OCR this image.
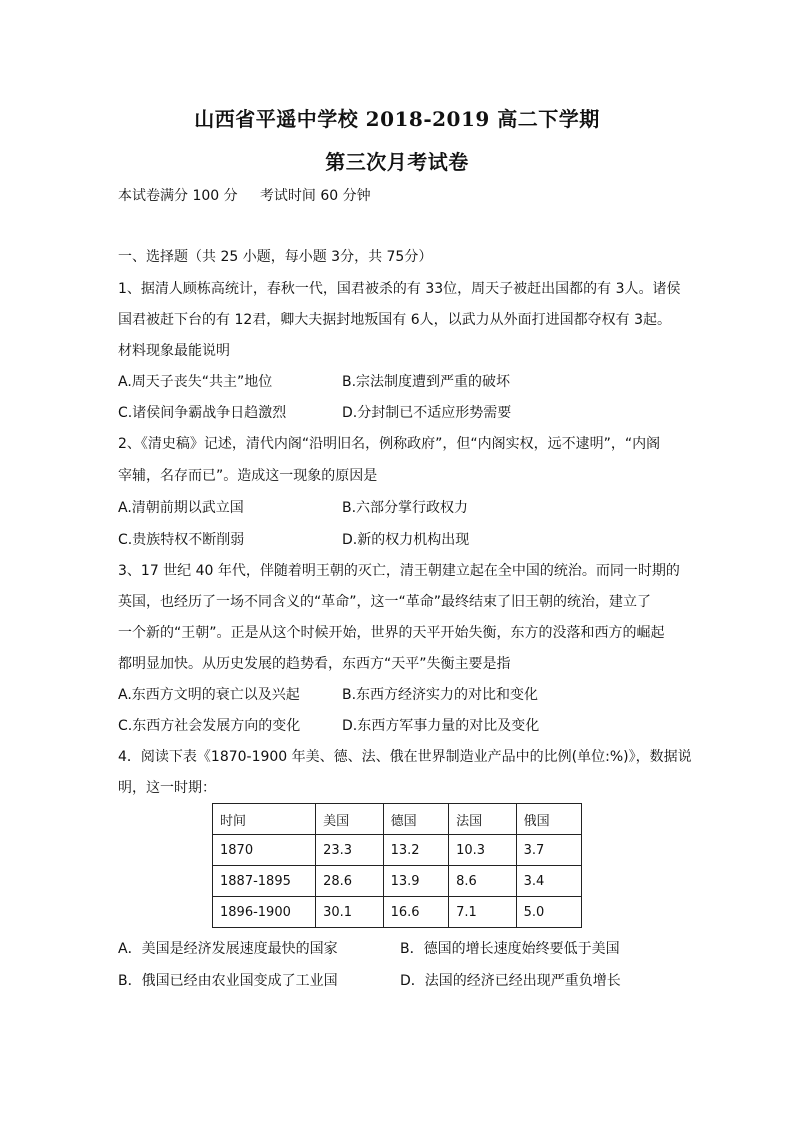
山西省平遥中学校 2018-2019 高二下学期
第三次月考试卷
本试卷满分 100 分     考试时间 60 分钟
一、选择题（共 25 小题，每小题 3分，共 75分）
1、据清人顾栋高统计，春秋一代，国君被杀的有 33位，周天子被赶出国都的有 3人。诸侯
国君被赶下台的有 12君，卿大夫据封地叛国有 6人，以武力从外面打进国都夺权有 3起。
材料现象最能说明
A.周天子丧失“共主”地位	B.宗法制度遭到严重的破坏
C.诸侯间争霸战争日趋激烈	D.分封制已不适应形势需要
2、《清史稿》记述，清代内阁“沿明旧名，例称政府”，但“内阁实权，远不逮明”，“内阁
宰辅，名存而已”。造成这一现象的原因是
A.清朝前期以武立国	B.六部分掌行政权力
C.贵族特权不断削弱	D.新的权力机构出现
3、17 世纪 40 年代，伴随着明王朝的灭亡，清王朝建立起在全中国的统治。而同一时期的
英国，也经历了一场不同含义的“革命”，这一“革命”最终结束了旧王朝的统治，建立了
一个新的“王朝”。正是从这个时候开始，世界的天平开始失衡，东方的没落和西方的崛起
都明显加快。从历史发展的趋势看，东西方“天平”失衡主要是指
A.东西方文明的衰亡以及兴起	B.东西方经济实力的对比和变化
C.东西方社会发展方向的变化	D.东西方军事力量的对比及变化
4．阅读下表《1870-1900 年美、德、法、俄在世界制造业产品中的比例(单位:%)》，数据说
明，这一时期：
时间	美国	德国	法国	俄国
1870	23.3	13.2	10.3	3.7
1887-1895	28.6	13.9	8.6	3.4
1896-1900	30.1	16.6	7.1	5.0
A．美国是经济发展速度最快的国家	B．德国的增长速度始终要低于美国
B．俄国已经由农业国变成了工业国	D．法国的经济已经出现严重负增长
